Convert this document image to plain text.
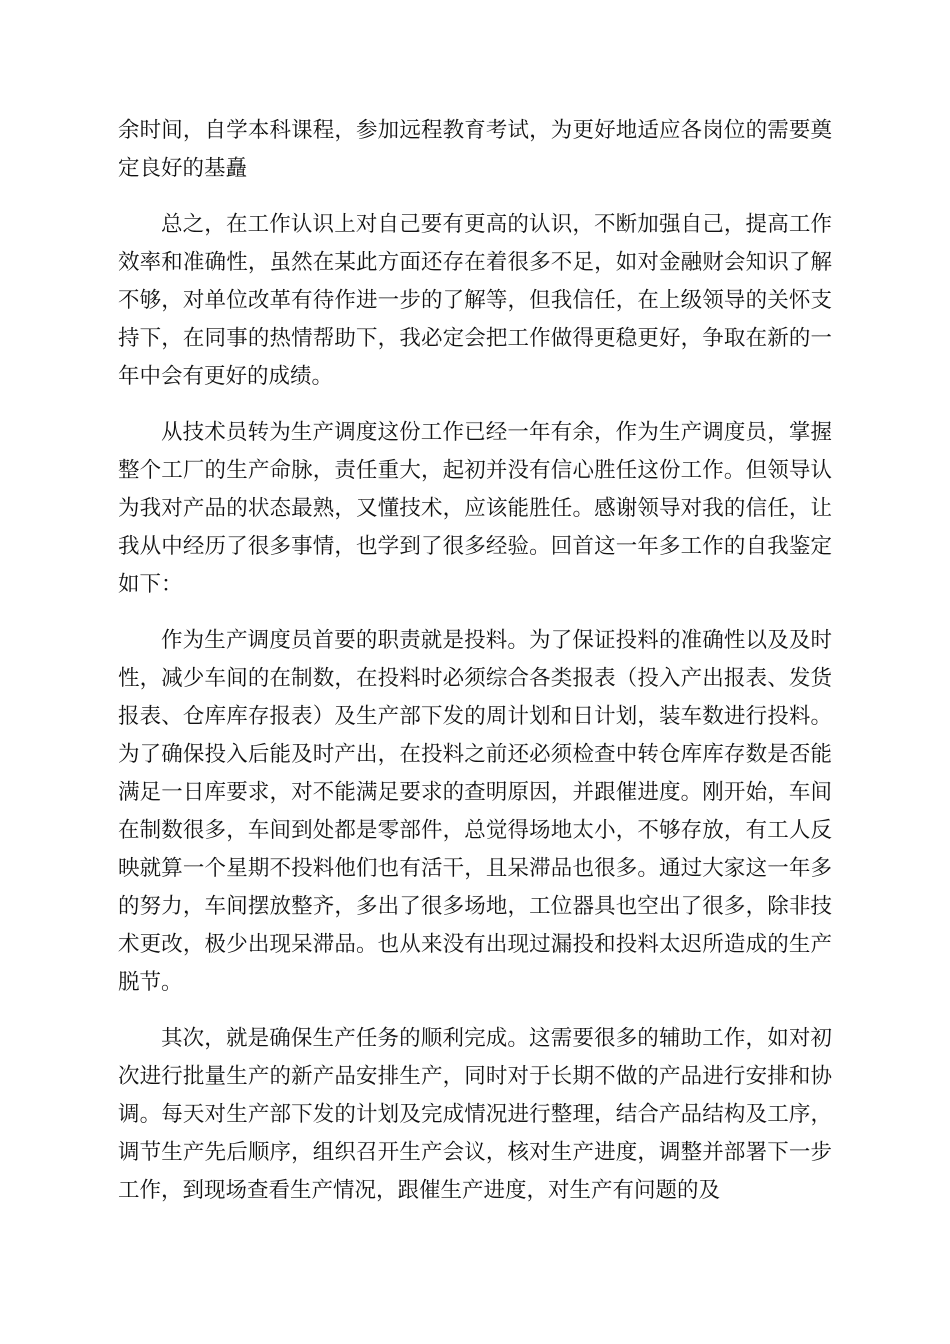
余时间，自学本科课程，参加远程教育考试，为更好地适应各岗位的需要奠定良好的基矗

总之，在工作认识上对自己要有更高的认识，不断加强自己，提高工作效率和准确性，虽然在某此方面还存在着很多不足，如对金融财会知识了解不够，对单位改革有待作进一步的了解等，但我信任，在上级领导的关怀支持下，在同事的热情帮助下，我必定会把工作做得更稳更好，争取在新的一年中会有更好的成绩。

从技术员转为生产调度这份工作已经一年有余，作为生产调度员，掌握整个工厂的生产命脉，责任重大，起初并没有信心胜任这份工作。但领导认为我对产品的状态最熟，又懂技术，应该能胜任。感谢领导对我的信任，让我从中经历了很多事情，也学到了很多经验。回首这一年多工作的自我鉴定如下：

作为生产调度员首要的职责就是投料。为了保证投料的准确性以及及时性，减少车间的在制数，在投料时必须综合各类报表（投入产出报表、发货报表、仓库库存报表）及生产部下发的周计划和日计划，装车数进行投料。为了确保投入后能及时产出，在投料之前还必须检查中转仓库库存数是否能满足一日库要求，对不能满足要求的查明原因，并跟催进度。刚开始，车间在制数很多，车间到处都是零部件，总觉得场地太小，不够存放，有工人反映就算一个星期不投料他们也有活干，且呆滞品也很多。通过大家这一年多的努力，车间摆放整齐，多出了很多场地，工位器具也空出了很多，除非技术更改，极少出现呆滞品。也从来没有出现过漏投和投料太迟所造成的生产脱节。

其次，就是确保生产任务的顺利完成。这需要很多的辅助工作，如对初次进行批量生产的新产品安排生产，同时对于长期不做的产品进行安排和协调。每天对生产部下发的计划及完成情况进行整理，结合产品结构及工序，调节生产先后顺序，组织召开生产会议，核对生产进度，调整并部署下一步工作，到现场查看生产情况，跟催生产进度，对生产有问题的及
